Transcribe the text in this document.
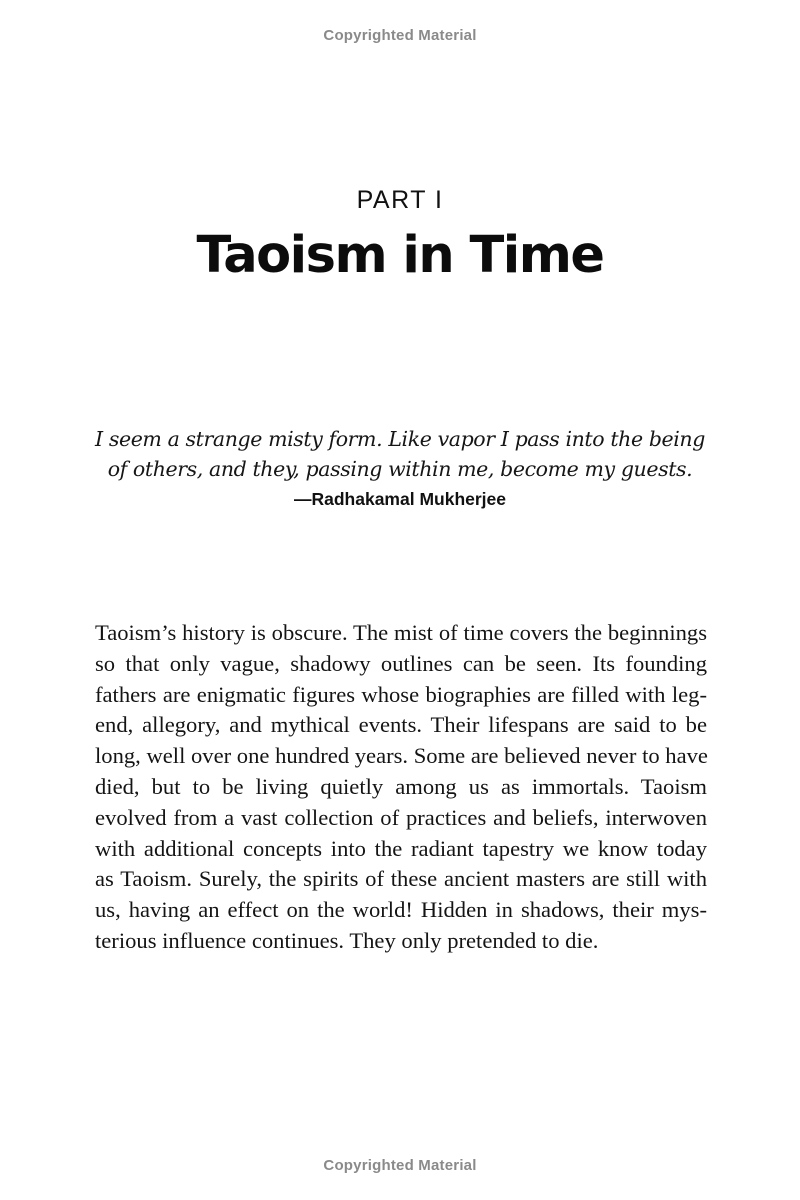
Copyrighted Material
PART I
Taoism in Time
I seem a strange misty form. Like vapor I pass into the being
of others, and they, passing within me, become my guests.
—Radhakamal Mukherjee
Taoism’s history is obscure. The mist of time covers the beginnings
so that only vague, shadowy outlines can be seen. Its founding
fathers are enigmatic figures whose biographies are filled with leg-
end, allegory, and mythical events. Their lifespans are said to be
long, well over one hundred years. Some are believed never to have
died, but to be living quietly among us as immortals. Taoism
evolved from a vast collection of practices and beliefs, interwoven
with additional concepts into the radiant tapestry we know today
as Taoism. Surely, the spirits of these ancient masters are still with
us, having an effect on the world! Hidden in shadows, their mys-
terious influence continues. They only pretended to die.
Copyrighted Material
